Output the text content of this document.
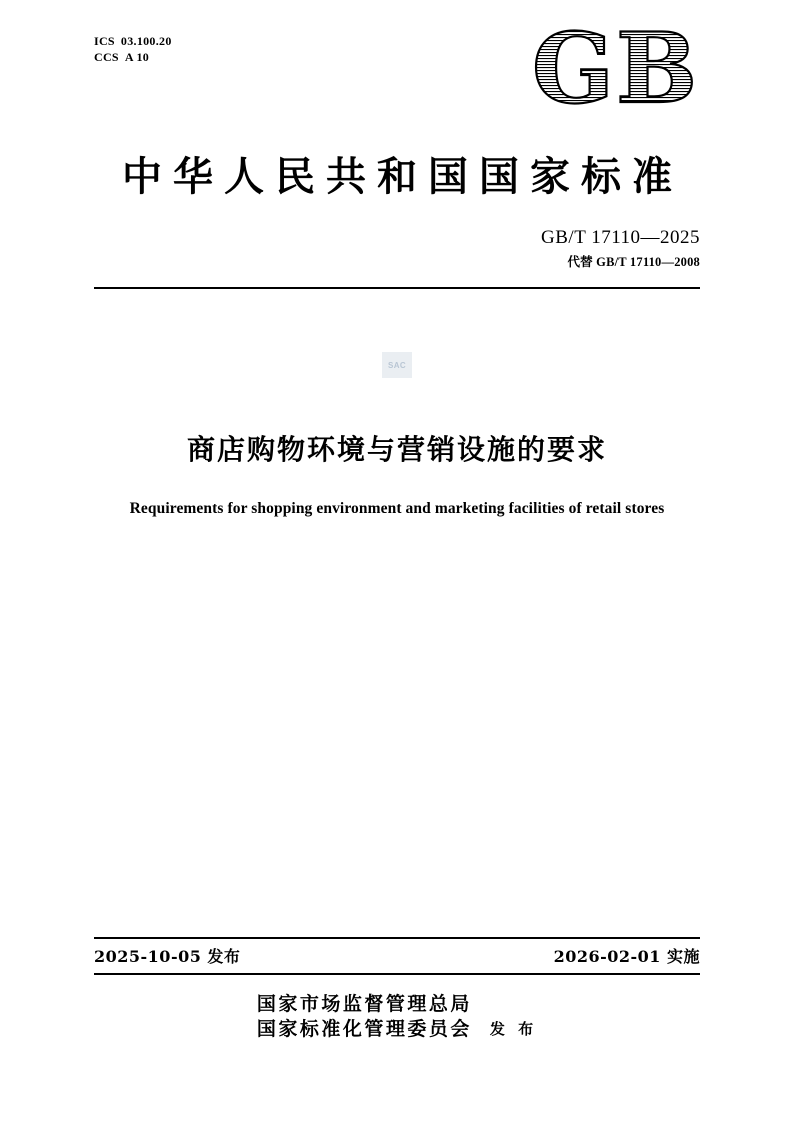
ICS 03.100.20
CCS A 10	GB
中华人民共和国国家标准
GB/T 17110—2025
代替 GB/T 17110—2008
SAC
商店购物环境与营销设施的要求
Requirements for shopping environment and marketing facilities of retail stores
2025-10-05 发布	2026-02-01 实施
国家市场监督管理总局
国家标准化管理委员会 发 布
